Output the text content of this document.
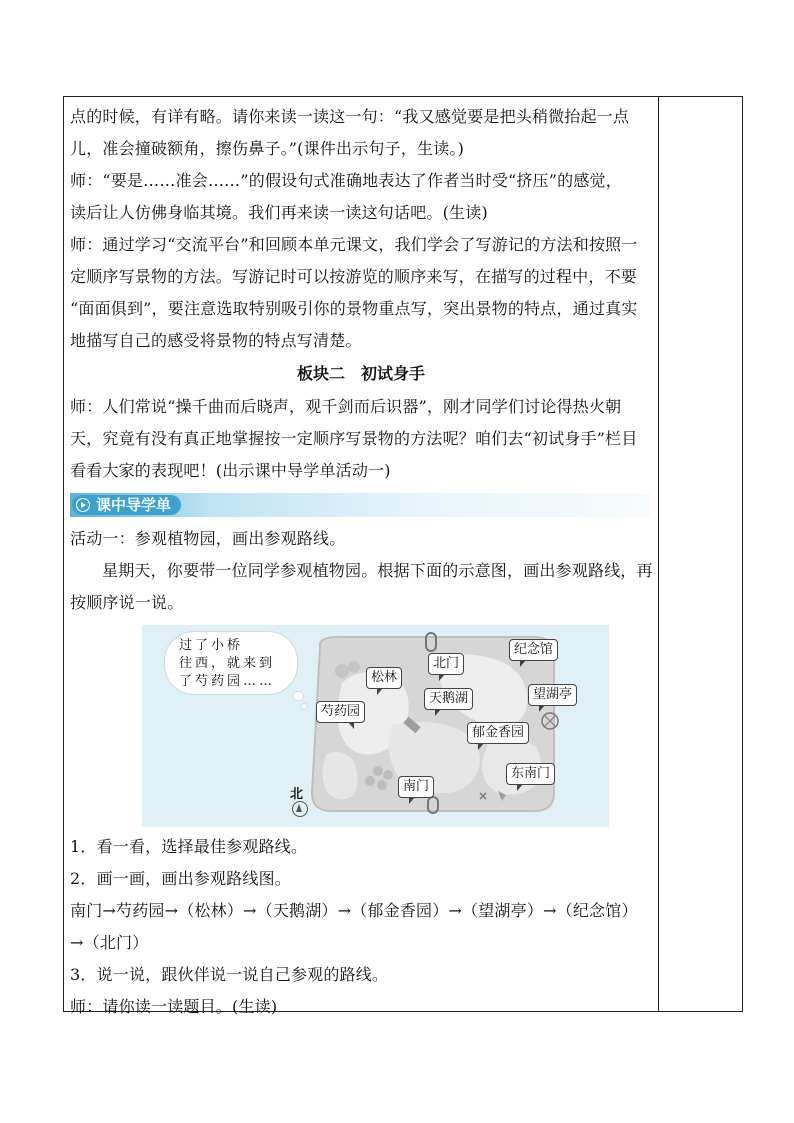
点的时候，有详有略。请你来读一读这一句：“我又感觉要是把头稍微抬起一点
儿，准会撞破额角，擦伤鼻子。”(课件出示句子，生读。)
师：“要是……准会……”的假设句式准确地表达了作者当时受“挤压”的感觉，
读后让人仿佛身临其境。我们再来读一读这句话吧。(生读)
师：通过学习“交流平台”和回顾本单元课文，我们学会了写游记的方法和按照一
定顺序写景物的方法。写游记时可以按游览的顺序来写，在描写的过程中，不要
“面面俱到”，要注意选取特别吸引你的景物重点写，突出景物的特点，通过真实
地描写自己的感受将景物的特点写清楚。
板块二　初试身手
师：人们常说“操千曲而后晓声，观千剑而后识器”，刚才同学们讨论得热火朝
天，究竟有没有真正地掌握按一定顺序写景物的方法呢？咱们去“初试身手”栏目
看看大家的表现吧！(出示课中导学单活动一)
课中导学单
活动一：参观植物园，画出参观路线。
星期天，你要带一位同学参观植物园。根据下面的示意图，画出参观路线，再
按顺序说一说。
过了小桥
往西，就来到
了芍药园……	松林
北门
纪念馆
天鹅湖	望湖亭
芍药园
郁金香园
东南门
南门
北
1．看一看，选择最佳参观路线。
2．画一画，画出参观路线图。
南门→芍药园→（松林）→（天鹅湖）→（郁金香园）→（望湖亭）→（纪念馆）
→（北门）
3．说一说，跟伙伴说一说自己参观的路线。
师：请你读一读题目。(生读)
